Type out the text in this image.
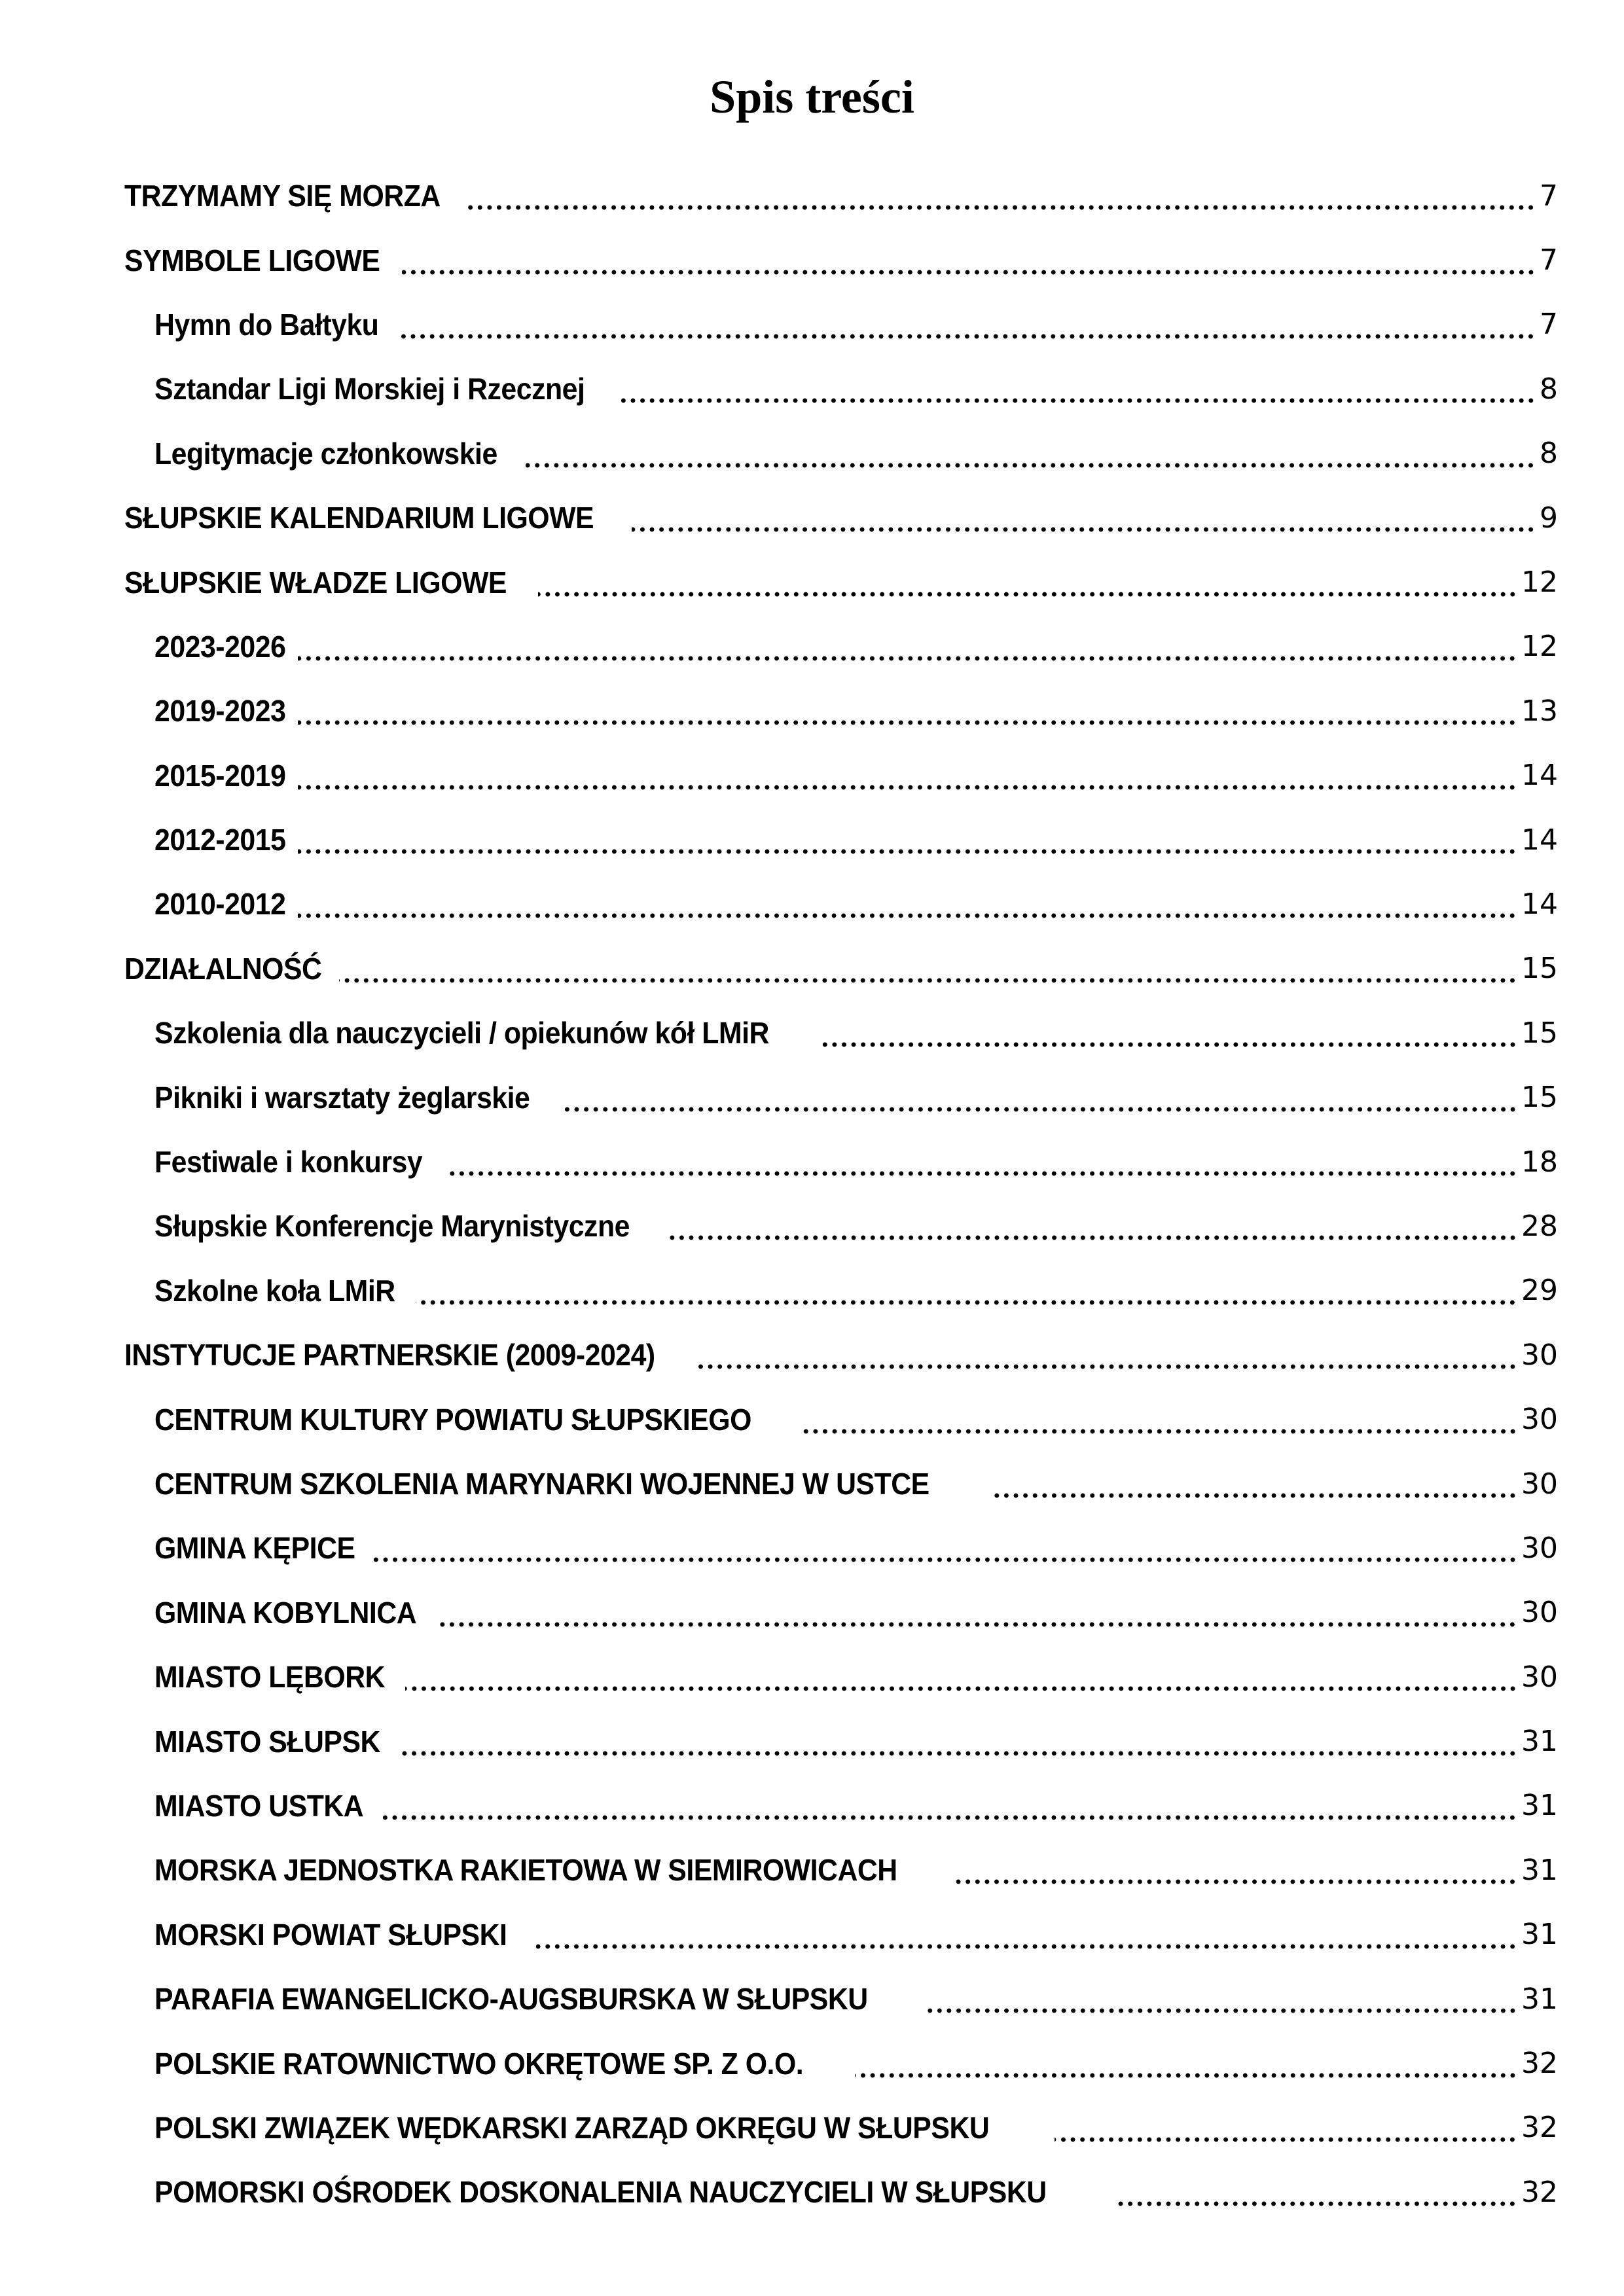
Spis treści
TRZYMAMY SIĘ MORZA	7
SYMBOLE LIGOWE	7
Hymn do Bałtyku	7
Sztandar Ligi Morskiej i Rzecznej	8
Legitymacje członkowskie	8
SŁUPSKIE KALENDARIUM LIGOWE	9
SŁUPSKIE WŁADZE LIGOWE	12
2023-2026	12
2019-2023	13
2015-2019	14
2012-2015	14
2010-2012	14
DZIAŁALNOŚĆ	15
Szkolenia dla nauczycieli / opiekunów kół LMiR	15
Pikniki i warsztaty żeglarskie	15
Festiwale i konkursy	18
Słupskie Konferencje Marynistyczne	28
Szkolne koła LMiR	29
INSTYTUCJE PARTNERSKIE (2009-2024)	30
CENTRUM KULTURY POWIATU SŁUPSKIEGO	30
CENTRUM SZKOLENIA MARYNARKI WOJENNEJ W USTCE	30
GMINA KĘPICE	30
GMINA KOBYLNICA	30
MIASTO LĘBORK	30
MIASTO SŁUPSK	31
MIASTO USTKA	31
MORSKA JEDNOSTKA RAKIETOWA W SIEMIROWICACH	31
MORSKI POWIAT SŁUPSKI	31
PARAFIA EWANGELICKO-AUGSBURSKA W SŁUPSKU	31
POLSKIE RATOWNICTWO OKRĘTOWE SP. Z O.O.	32
POLSKI ZWIĄZEK WĘDKARSKI ZARZĄD OKRĘGU W SŁUPSKU	32
POMORSKI OŚRODEK DOSKONALENIA NAUCZYCIELI W SŁUPSKU	32
